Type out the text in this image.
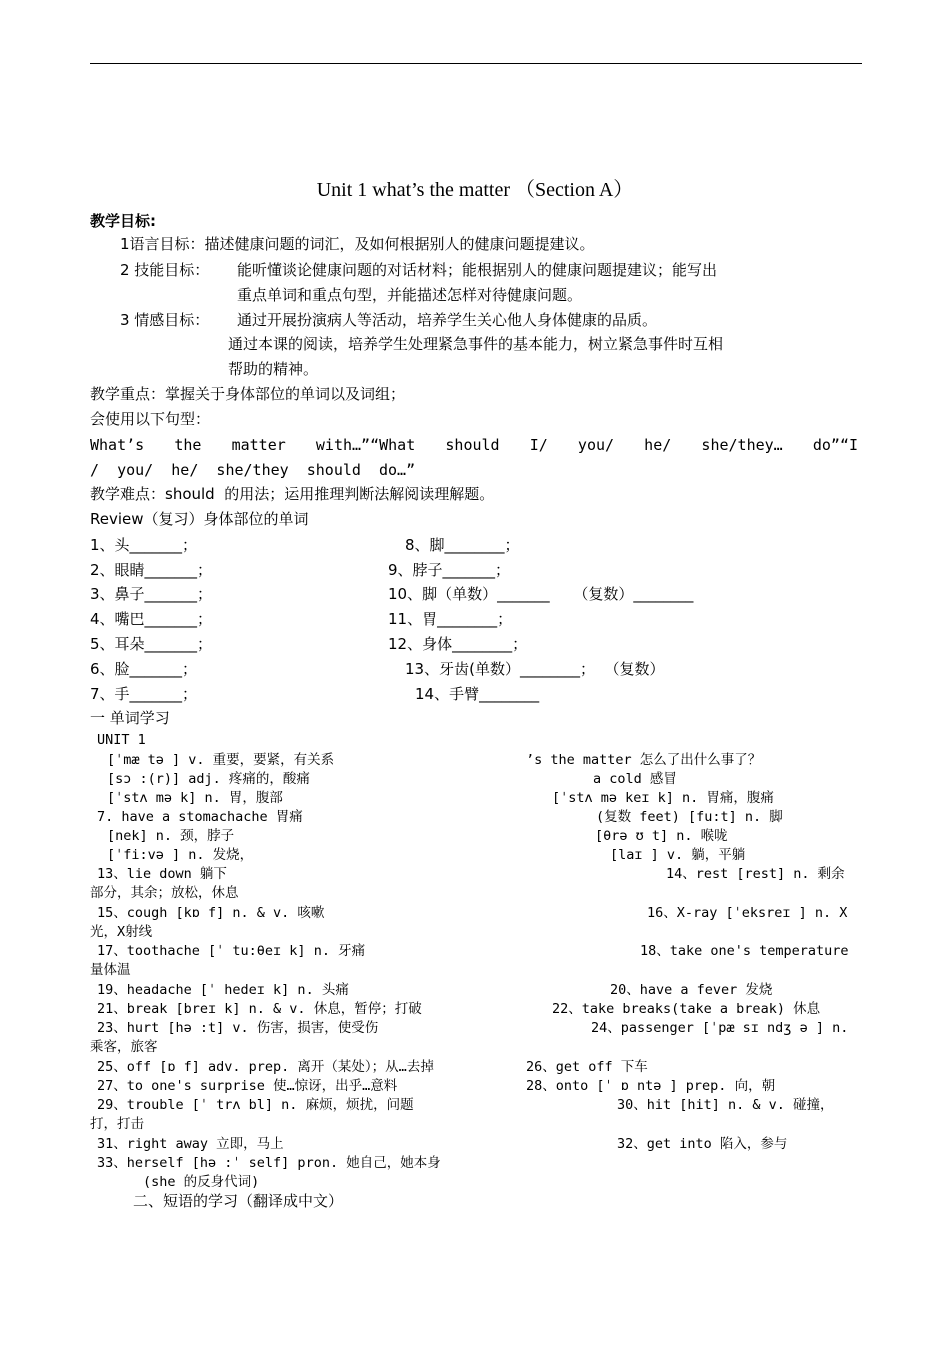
Unit 1 what’s the matter （Section A）
教学目标:
1语言目标：描述健康问题的词汇，及如何根据别人的健康问题提建议。
2 技能目标： 能听懂谈论健康问题的对话材料；能根据别人的健康问题提建议；能写出
重点单词和重点句型，并能描述怎样对待健康问题。
3 情感目标： 通过开展扮演病人等活动，培养学生关心他人身体健康的品质。
通过本课的阅读，培养学生处理紧急事件的基本能力，树立紧急事件时互相
帮助的精神。
教学重点：掌握关于身体部位的单词以及词组；
会使用以下句型：
What’s the matter with…”“What should I/ you/ he/ she/they… do”“I
/  you/  he/  she/they  should  do…”
教学难点：should  的用法；运用推理判断法解阅读理解题。
Review（复习）身体部位的单词
1、头_______；
2、眼睛_______；
3、鼻子_______；
4、嘴巴_______；
5、耳朵_______；
6、脸_______；
7、手_______；
8、脚________；
9、脖子_______；
10、脚（单数）_______     （复数）________
11、胃________；
12、身体________；
13、牙齿(单数）________；  （复数）
14、手臂________
一 单词学习
UNIT 1
[ˈmæ tə ] v. 重要，要紧，有关系	’s the matter 怎么了出什么事了？
[sɔ :(r)] adj. 疼痛的，酸痛	a cold 感冒
[ˈstʌ mə k] n. 胃，腹部	[ˈstʌ mə keɪ k] n. 胃痛，腹痛
7. have a stomachache 胃痛	(复数 feet) [fu:t] n. 脚
[nek] n. 颈，脖子	[θrə ʊ t] n. 喉咙
[ˈfi:və ] n. 发烧，	[laɪ ] v. 躺，平躺
13、lie down 躺下	14、rest [rest] n. 剩余
部分，其余；放松，休息
15、cough [kɒ f] n. & v. 咳嗽	16、X-ray [ˈeksreɪ ] n. X
光，X射线
17、toothache [ˈ tu:θeɪ k] n. 牙痛	18、take one's temperature
量体温
19、headache [ˈ hedeɪ k] n. 头痛	20、have a fever 发烧
21、break [breɪ k] n. & v. 休息，暂停；打破	22、take breaks(take a break) 休息
23、hurt [hə :t] v. 伤害，损害，使受伤	24、passenger [ˈpæ sɪ ndʒ ə ] n.
乘客，旅客
25、off [ɒ f] adv. prep. 离开（某处）；从…去掉	26、get off 下车
27、to one's surprise 使…惊讶，出乎…意料	28、onto [ˈ ɒ ntə ] prep. 向，朝
29、trouble [ˈ trʌ bl] n. 麻烦，烦扰，问题	30、hit [hit] n. & v. 碰撞，
打，打击
31、right away 立即，马上	32、get into 陷入，参与
33、herself [hə :ˈ self] pron. 她自己，她本身
(she 的反身代词)
二、短语的学习（翻译成中文）
